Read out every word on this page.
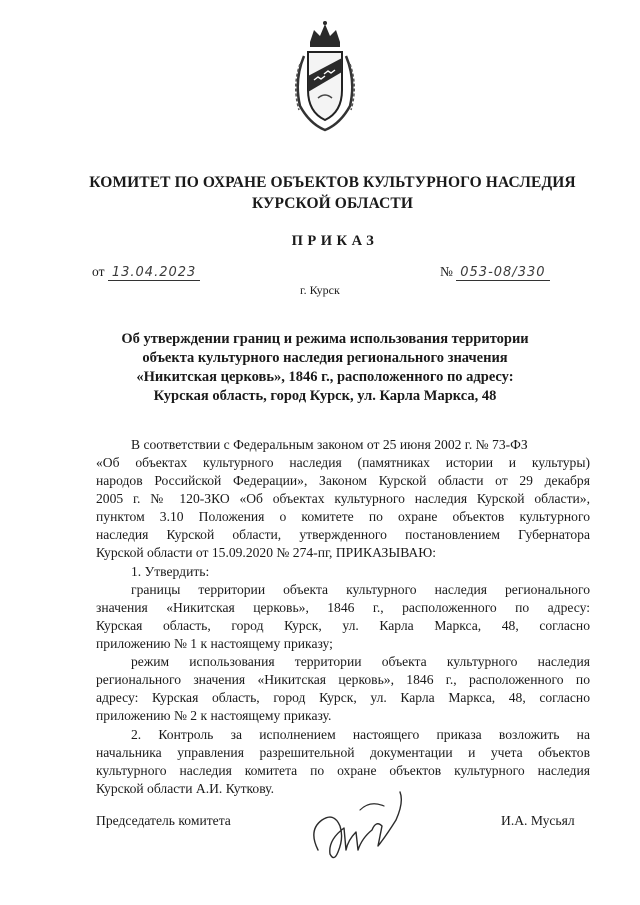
КОМИТЕТ ПО ОХРАНЕ ОБЪЕКТОВ КУЛЬТУРНОГО НАСЛЕДИЯ
КУРСКОЙ ОБЛАСТИ
ПРИКАЗ
от 13.04.2023	№ 053-08/330
г. Курск
Об утверждении границ и режима использования территории
объекта культурного наследия регионального значения
«Никитская церковь», 1846 г., расположенного по адресу:
Курская область, город Курск, ул. Карла Маркса, 48
В соответствии с Федеральным законом от 25 июня 2002 г. № 73-ФЗ
«Об объектах культурного наследия (памятниках истории и культуры)
народов Российской Федерации», Законом Курской области от 29 декабря
2005 г. № 120-ЗКО «Об объектах культурного наследия Курской области»,
пунктом 3.10 Положения о комитете по охране объектов культурного
наследия Курской области, утвержденного постановлением Губернатора
Курской области от 15.09.2020 № 274-пг, ПРИКАЗЫВАЮ:
1. Утвердить:
границы территории объекта культурного наследия регионального
значения «Никитская церковь», 1846 г., расположенного по адресу:
Курская область, город Курск, ул. Карла Маркса, 48, согласно
приложению № 1 к настоящему приказу;
режим использования территории объекта культурного наследия
регионального значения «Никитская церковь», 1846 г., расположенного по
адресу: Курская область, город Курск, ул. Карла Маркса, 48, согласно
приложению № 2 к настоящему приказу.
2. Контроль за исполнением настоящего приказа возложить на
начальника управления разрешительной документации и учета объектов
культурного наследия комитета по охране объектов культурного наследия
Курской области А.И. Куткову.
Председатель комитета	И.А. Мусьял
